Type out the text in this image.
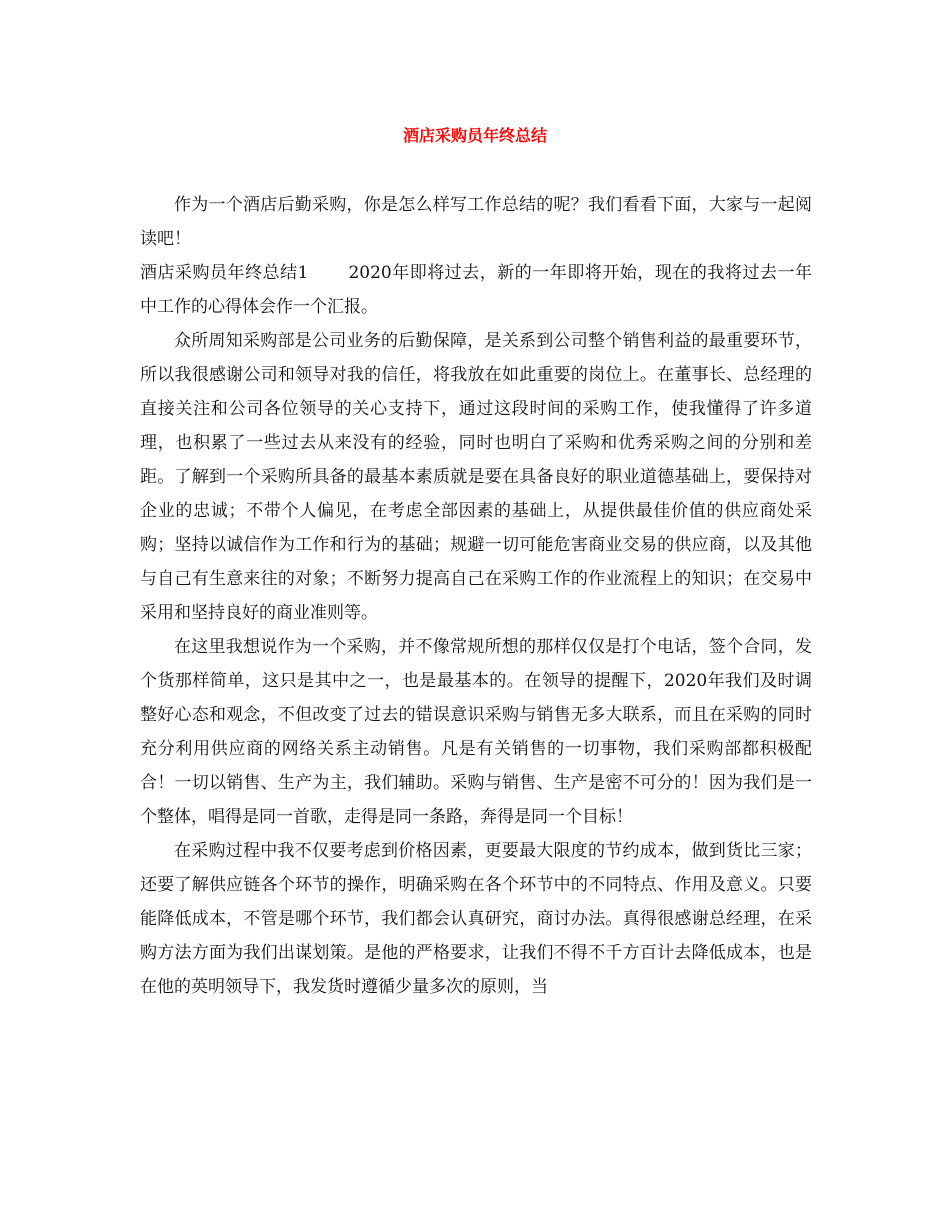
酒店采购员年终总结

作为一个酒店后勤采购，你是怎么样写工作总结的呢？我们看看下面，大家与一起阅读吧！

酒店采购员年终总结1 2020年即将过去，新的一年即将开始，现在的我将过去一年中工作的心得体会作一个汇报。

众所周知采购部是公司业务的后勤保障，是关系到公司整个销售利益的最重要环节，所以我很感谢公司和领导对我的信任，将我放在如此重要的岗位上。在董事长、总经理的直接关注和公司各位领导的关心支持下，通过这段时间的采购工作，使我懂得了许多道理，也积累了一些过去从来没有的经验，同时也明白了采购和优秀采购之间的分别和差距。了解到一个采购所具备的最基本素质就是要在具备良好的职业道德基础上，要保持对企业的忠诚；不带个人偏见，在考虑全部因素的基础上，从提供最佳价值的供应商处采购；坚持以诚信作为工作和行为的基础；规避一切可能危害商业交易的供应商，以及其他与自己有生意来往的对象；不断努力提高自己在采购工作的作业流程上的知识；在交易中采用和坚持良好的商业准则等。

在这里我想说作为一个采购，并不像常规所想的那样仅仅是打个电话，签个合同，发个货那样简单，这只是其中之一，也是最基本的。在领导的提醒下，2020年我们及时调整好心态和观念，不但改变了过去的错误意识采购与销售无多大联系，而且在采购的同时充分利用供应商的网络关系主动销售。凡是有关销售的一切事物，我们采购部都积极配合！一切以销售、生产为主，我们辅助。采购与销售、生产是密不可分的！因为我们是一个整体，唱得是同一首歌，走得是同一条路，奔得是同一个目标！

在采购过程中我不仅要考虑到价格因素，更要最大限度的节约成本，做到货比三家；还要了解供应链各个环节的操作，明确采购在各个环节中的不同特点、作用及意义。只要能降低成本，不管是哪个环节，我们都会认真研究，商讨办法。真得很感谢总经理，在采购方法方面为我们出谋划策。是他的严格要求，让我们不得不千方百计去降低成本，也是在他的英明领导下，我发货时遵循少量多次的原则，当
